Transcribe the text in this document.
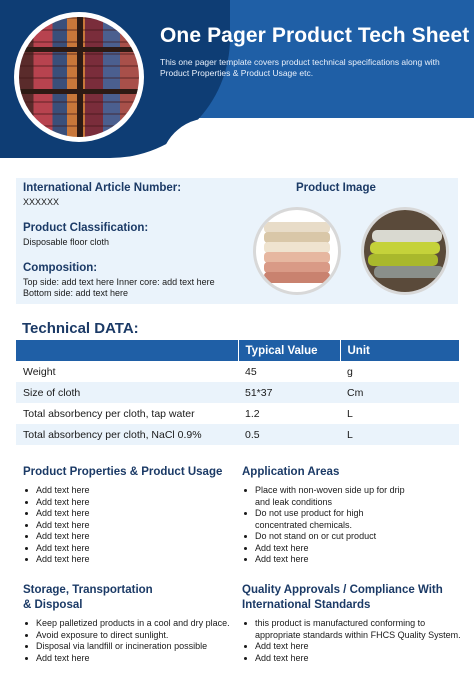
One Pager Product Tech Sheet
This one pager template covers product technical specifications along with Product Properties & Product Usage etc.
International Article Number:
XXXXXX
Product Classification:
Disposable floor cloth
Composition:
Top side: add text here Inner core: add text here
Bottom side: add text here
Product Image
Technical DATA:
	Typical Value	Unit
Weight	45	g
Size of cloth	51*37	Cm
Total absorbency per cloth, tap water	1.2	L
Total absorbency per cloth, NaCl 0.9%	0.5	L
Product Properties & Product Usage
Add text here
Add text here
Add text here
Add text here
Add text here
Add text here
Add text here
Application Areas
Place with non-woven side up for drip and leak conditions
Do not use product for high concentrated chemicals.
Do not stand on or cut product
Add text here
Add text here
Storage, Transportation
& Disposal
Keep palletized products in a cool and dry place.
Avoid exposure to direct sunlight.
Disposal via landfill or incineration possible
Add text here
Quality Approvals / Compliance With
International Standards
this product is manufactured conforming to appropriate standards within FHCS Quality System.
Add text here
Add text here
